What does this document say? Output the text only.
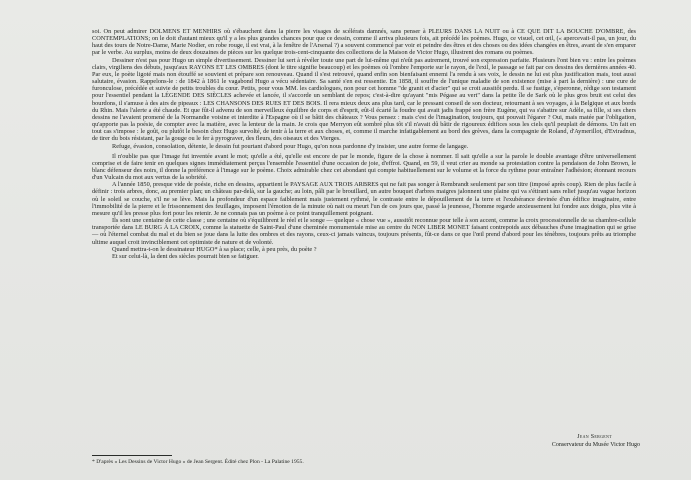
soi. On peut admirer DOLMENS ET MENHIRS où s'ébauchent dans la pierre les visages de scélérats damnés, sans penser à PLEURS DANS LA NUIT ou à CE QUE DIT LA BOUCHE D'OMBRE, des CONTEMPLATIONS; on le doit d'autant mieux qu'il y a les plus grandes chances pour que ce dessin, comme il arriva plusieurs fois, ait précédé les poèmes. Hugo, ce visuel, cet œil, (« apercevait-il pas, un jour, du haut des tours de Notre-Dame, Marie Nodier, en robe rouge, il est vrai, à la fenêtre de l'Arsenal ?) a souvent commencé par voir et peindre des êtres et des choses ou des idées changées en êtres, avant de s'en emparer par le verbe. Au surplus, moins de deux douzaines de pièces sur les quelque trois-cent-cinquante des collections de la Maison de Victor Hugo, illustrent des romans ou poèmes.

Dessiner n'est pas pour Hugo un simple divertissement. Dessiner lui sert à révéler toute une part de lui-même qui n'eût pas autrement, trouvé son expression parfaite. Plusieurs l'ont bien vu : entre les poèmes clairs, virgiliens des débuts, jusqu'aux RAYONS ET LES OMBRES (dont le titre signifie beaucoup) et les poèmes où l'ombre l'emporte sur le rayon, de l'exil, le passage se fait par ces dessins des dernières années 40. Par eux, le poète ligoté mais non étouffé se souvient et prépare son renouveau. Quand il s'est retrouvé, quand enfin son bienfaisant ennemi l'a rendu à ses voix, le dessin ne lui est plus justification mais, tout aussi salutaire, évasion. Rappelons-le : de 1842 à 1861 le vagabond Hugo a vécu sédentaire. Sa santé s'en est ressentie. En 1858, il souffre de l'unique maladie de son existence (mise à part la dernière) : une cure de furonculose, précédée et suivie de petits troubles du cœur. Petits, pour vous MM. les cardiologues, non pour cet homme "de granit et d'acier" qui se croit aussitôt perdu. Il se fustige, s'éperonne, rédige son testament pour l'essentiel pendant la LÉGENDE DES SIÈCLES achevée et lancée, il s'accorde un semblant de repos; c'est-à-dire qu'ayant "mis Pégase au vert" dans la petite île de Sark où le plus gros bruit est celui des bourdons, il s'amuse à des airs de pipeaux : LES CHANSONS DES RUES ET DES BOIS. Il rera mieux deux ans plus tard, car le pressant conseil de son docteur, retournant à ses voyages, à la Belgique et aux bords du Rhin. Mais l'alerte a été chaude. Et que fût-il advenu de son merveilleux équilibre de corps et d'esprit, eût-il écarté la foudre qui avait jadis frappé son frère Eugène, qui va s'abattre sur Adèle, sa fille, si ses chers dessins ne l'avaient promené de la Normandie voisine et interdite à l'Espagne où il se bâtit des châteaux ? Vous pensez : mais c'est de l'imagination, toujours, qui pouvait l'égarer ? Oui, mais matée par l'obligation, qu'apporte pas la poésie, de compter avec la matière, avec la lenteur de la main. Je crois que Merryon eût sombré plus tôt s'il n'avait dû bâtir de rigoureux édifices sous les ciels qu'il peuplait de démons. Un fait en tout cas s'impose : le goût, ou plutôt le besoin chez Hugo survolté, de tenir à la terre et aux choses, et, comme il marche infatigablement au bord des grèves, dans la compagnie de Roland, d'Aymerillot, d'Eviradnus, de tirer du bois résistant, par la gouge ou le fer à pyrograver, des fleurs, des oiseaux et des Vierges.

Refuge, évasion, consolation, détente, le dessin fut pourtant d'abord pour Hugo, qu'on nous pardonne d'y insister, une autre forme de langage.

Il n'oublie pas que l'image fut inventée avant le mot; qu'elle a été, qu'elle est encore de par le monde, figure de la chose à nommer. Il sait qu'elle a sur la parole le double avantage d'être universellement comprise et de faire tenir en quelques signes immédiatement perçus l'ensemble l'essentiel d'une occasion de joie, d'effroi. Quand, en 59, il veut crier au monde sa protestation contre la pendaison de John Brown, le blanc défenseur des noirs, il donne la préférence à l'image sur le poème. Choix admirable chez cet abondant qui compte habituellement sur le volume et la force du rythme pour entraîner l'adhésion; étonnant recours d'un Vulcain du mot aux vertus de la sobriété.

A l'année 1850, presque vide de poésie, riche en dessins, appartient le PAYSAGE AUX TROIS ARBRES qui ne fait pas songer à Rembrandt seulement par son titre (imposé après coup). Rien de plus facile à définir : trois arbres, donc, au premier plan; un château par-delà, sur la gauche; au loin, pâli par le brouillard, un autre bouquet d'arbres maigres jalonnent une plaine qui va s'étirant sans relief jusqu'au vague horizon où le soleil se couche, s'il ne se lève. Mais la profondeur d'un espace faiblement mais justement rythmé, le contraste entre le dépouillement de la terre et l'exubérance devinée d'un édifice imaginaire, entre l'immobilité de la pierre et le frissonnement des feuillages, imposent l'émotion de la minute où nait ou meurt l'un de ces jours que, passé la jeunesse, l'homme regarde anxieusement lui fondre aux doigts, plus vite à mesure qu'il les presse plus fort pour les retenir. Je ne connais pas un poème à ce point tranquillement poignant.

Ils sont une centaine de cette classe ; une centaine où s'équilibrent le réel et le songe — quelque « chose vue », aussitôt reconnue pour telle à son accent, comme la croix processionnelle de sa chambre-cellule transportée dans LE BURG À LA CROIX, comme la statuette de Saint-Paul d'une cheminée monumentale mise au centre du NON LIBER MONET faisant contrepoids aux débauches d'une imagination qui se grise — où l'éternel combat du mal et du bien se joue dans la lutte des ombres et des rayons, ceux-ci jamais vaincus, toujours présents, fût-ce dans ce que l'œil prend d'abord pour les ténèbres, toujours prêts au triomphe ultime auquel croit invinciblement cet optimiste de nature et de volonté.

Quand mettra-t-on le dessinateur HUGO* à sa place; celle, à peu près, du poète ?

Et sur celui-là, la dent des siècles pourrait bien se fatiguer.

Jean Sergent
Conservateur du Musée Victor Hugo
* D'après « Les Dessins de Victor Hugo » de Jean Sergent. Édité chez Plon - La Palatine 1955.
